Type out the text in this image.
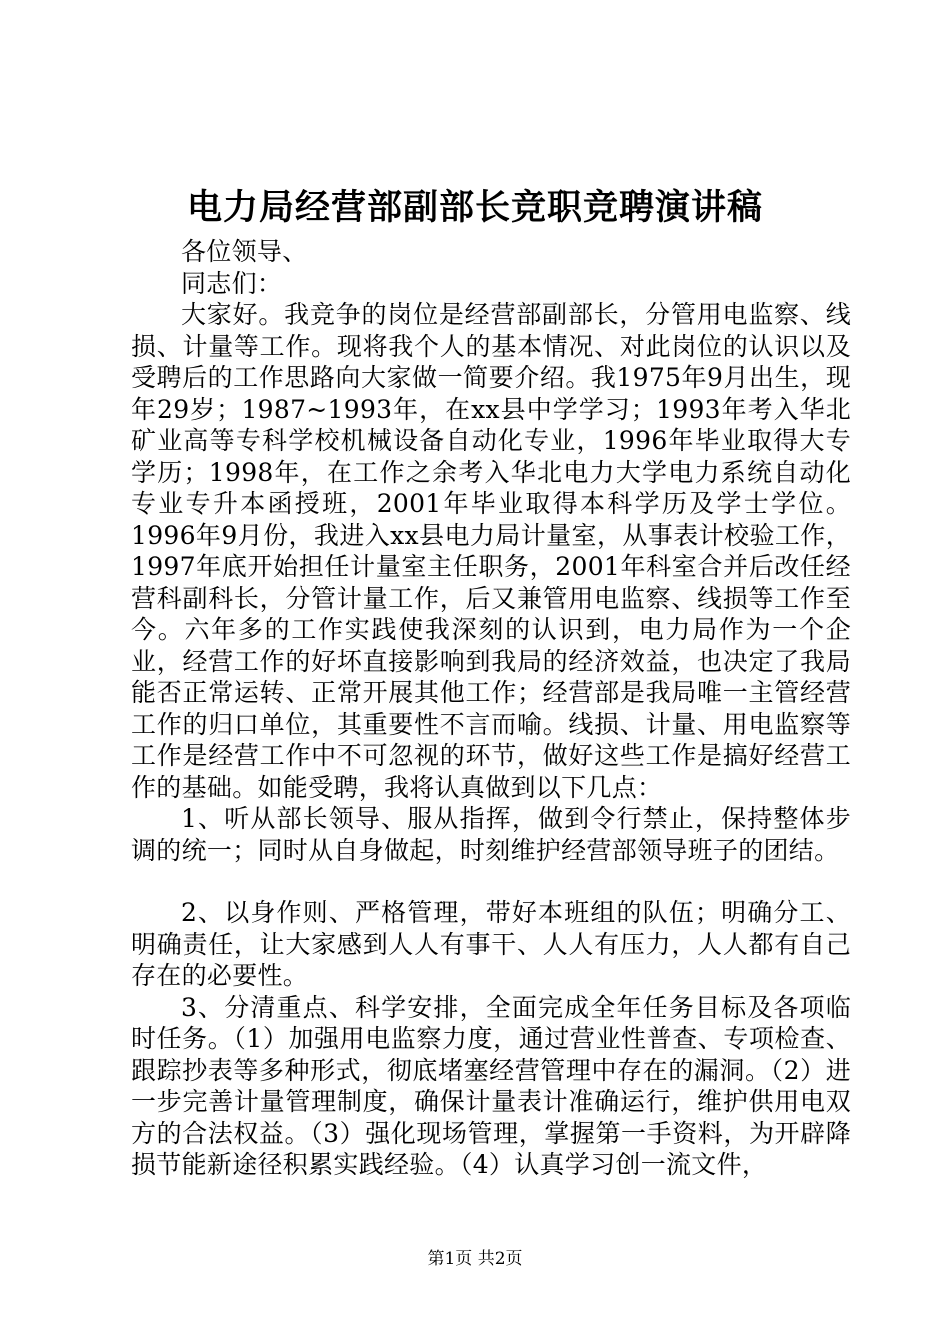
电力局经营部副部长竞职竞聘演讲稿

各位领导、

同志们：

大家好。我竞争的岗位是经营部副部长，分管用电监察、线损、计量等工作。现将我个人的基本情况、对此岗位的认识以及受聘后的工作思路向大家做一简要介绍。我1975年9月出生，现年29岁；1987~1993年，在xx县中学学习；1993年考入华北矿业高等专科学校机械设备自动化专业，1996年毕业取得大专学历；1998年，在工作之余考入华北电力大学电力系统自动化专业专升本函授班，2001年毕业取得本科学历及学士学位。1996年9月份，我进入xx县电力局计量室，从事表计校验工作，1997年底开始担任计量室主任职务，2001年科室合并后改任经营科副科长，分管计量工作，后又兼管用电监察、线损等工作至今。六年多的工作实践使我深刻的认识到，电力局作为一个企业，经营工作的好坏直接影响到我局的经济效益，也决定了我局能否正常运转、正常开展其他工作；经营部是我局唯一主管经营工作的归口单位，其重要性不言而喻。线损、计量、用电监察等工作是经营工作中不可忽视的环节，做好这些工作是搞好经营工作的基础。如能受聘，我将认真做到以下几点：

1、听从部长领导、服从指挥，做到令行禁止，保持整体步调的统一；同时从自身做起，时刻维护经营部领导班子的团结。

2、以身作则、严格管理，带好本班组的队伍；明确分工、明确责任，让大家感到人人有事干、人人有压力，人人都有自己存在的必要性。

3、分清重点、科学安排，全面完成全年任务目标及各项临时任务。（1）加强用电监察力度，通过营业性普查、专项检查、跟踪抄表等多种形式，彻底堵塞经营管理中存在的漏洞。（2）进一步完善计量管理制度，确保计量表计准确运行，维护供用电双方的合法权益。（3）强化现场管理，掌握第一手资料，为开辟降损节能新途径积累实践经验。（4）认真学习创一流文件，

第1页 共2页
